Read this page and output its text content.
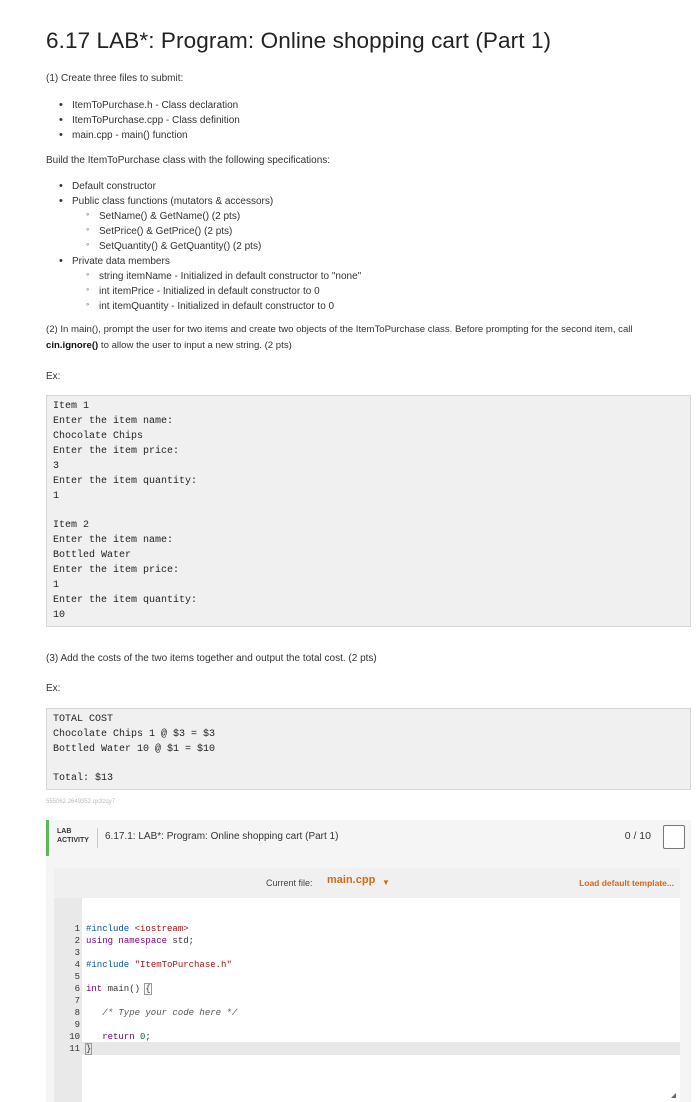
6.17 LAB*: Program: Online shopping cart (Part 1)
(1) Create three files to submit:
• ItemToPurchase.h - Class declaration
• ItemToPurchase.cpp - Class definition
• main.cpp - main() function
Build the ItemToPurchase class with the following specifications:
• Default constructor
• Public class functions (mutators & accessors)
◦ SetName() & GetName() (2 pts)
◦ SetPrice() & GetPrice() (2 pts)
◦ SetQuantity() & GetQuantity() (2 pts)
• Private data members
◦ string itemName - Initialized in default constructor to "none"
◦ int itemPrice - Initialized in default constructor to 0
◦ int itemQuantity - Initialized in default constructor to 0
(2) In main(), prompt the user for two items and create two objects of the ItemToPurchase class. Before prompting for the second item, call
cin.ignore() to allow the user to input a new string. (2 pts)
Ex:
Item 1
Enter the item name:
Chocolate Chips
Enter the item price:
3
Enter the item quantity:
1
Item 2
Enter the item name:
Bottled Water
Enter the item price:
1
Enter the item quantity:
10
(3) Add the costs of the two items together and output the total cost. (2 pts)
Ex:
TOTAL COST
Chocolate Chips 1 @ $3 = $3
Bottled Water 10 @ $1 = $10
Total: $13
555062.2649352.qx3zqy7
LAB
ACTIVITY 6.17.1: LAB*: Program: Online shopping cart (Part 1)	0 / 10
Current file: main.cpp ▼	Load default template...
1
2
3
4
5
6
7
8
9
10
11
#include <iostream>
using namespace std;
#include "ItemToPurchase.h"
int main() {
/* Type your code here */
return 0;
}
